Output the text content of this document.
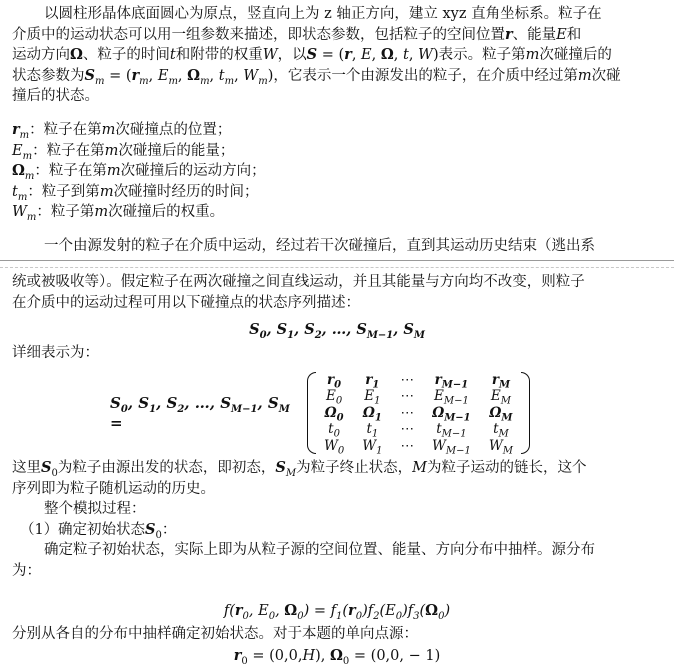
以圆柱形晶体底面圆心为原点，竖直向上为 z 轴正方向，建立 xyz 直角坐标系。粒子在

介质中的运动状态可以用一组参数来描述，即状态参数，包括粒子的空间位置r、能量E和

运动方向Ω、粒子的时间t和附带的权重W，以S = (r, E, Ω, t, W)表示。粒子第m次碰撞后的

状态参数为$S_m = (r_m$, $E_m$, $\Omega_m$, $t_m$, $W_m$)，它表示一个由源发出的粒子，在介质中经过第m次碰

撞后的状态。

$r_m$：粒子在第m次碰撞点的位置；

$E_m$：粒子在第m次碰撞后的能量；

$\Omega_m$：粒子在第m次碰撞后的运动方向；

$t_m$：粒子到第m次碰撞时经历的时间；

$W_m$：粒子第m次碰撞后的权重。

一个由源发射的粒子在介质中运动，经过若干次碰撞后，直到其运动历史结束（逃出系

统或被吸收等）。假定粒子在两次碰撞之间直线运动，并且其能量与方向均不改变，则粒子

在介质中的运动过程可用以下碰撞点的状态序列描述：

$S_0$, $S_1$, $S_2$, …, $S_{M-1}$, $S_M$

详细表示为：

$S_0$, $S_1$, $S_2$, …, $S_{M-1}$, $S_M$ =
$r_0$	$r_1$	⋯	$r_{M-1}$	$r_M$
$E_0$	$E_1$	⋯	$E_{M-1}$	$E_M$
$\Omega_0$	$\Omega_1$	⋯	$\Omega_{M-1}$	$\Omega_M$
$t_0$	$t_1$	⋯	$t_{M-1}$	$t_M$
$W_0$	$W_1$	⋯	$W_{M-1}$	$W_M$

这里$S_0$为粒子由源出发的状态，即初态，$S_M$为粒子终止状态，M为粒子运动的链长，这个

序列即为粒子随机运动的历史。

整个模拟过程：

（1）确定初始状态$S_0$：

确定粒子初始状态，实际上即为从粒子源的空间位置、能量、方向分布中抽样。源分布

为：

$f(r_0$, $E_0$, $\Omega_0) = f_1(r_0)f_2(E_0)f_3(\Omega_0)$

分别从各自的分布中抽样确定初始状态。对于本题的单向点源：

$r_0 = (0,0,H)$, $\Omega_0 = (0,0$, − 1)
